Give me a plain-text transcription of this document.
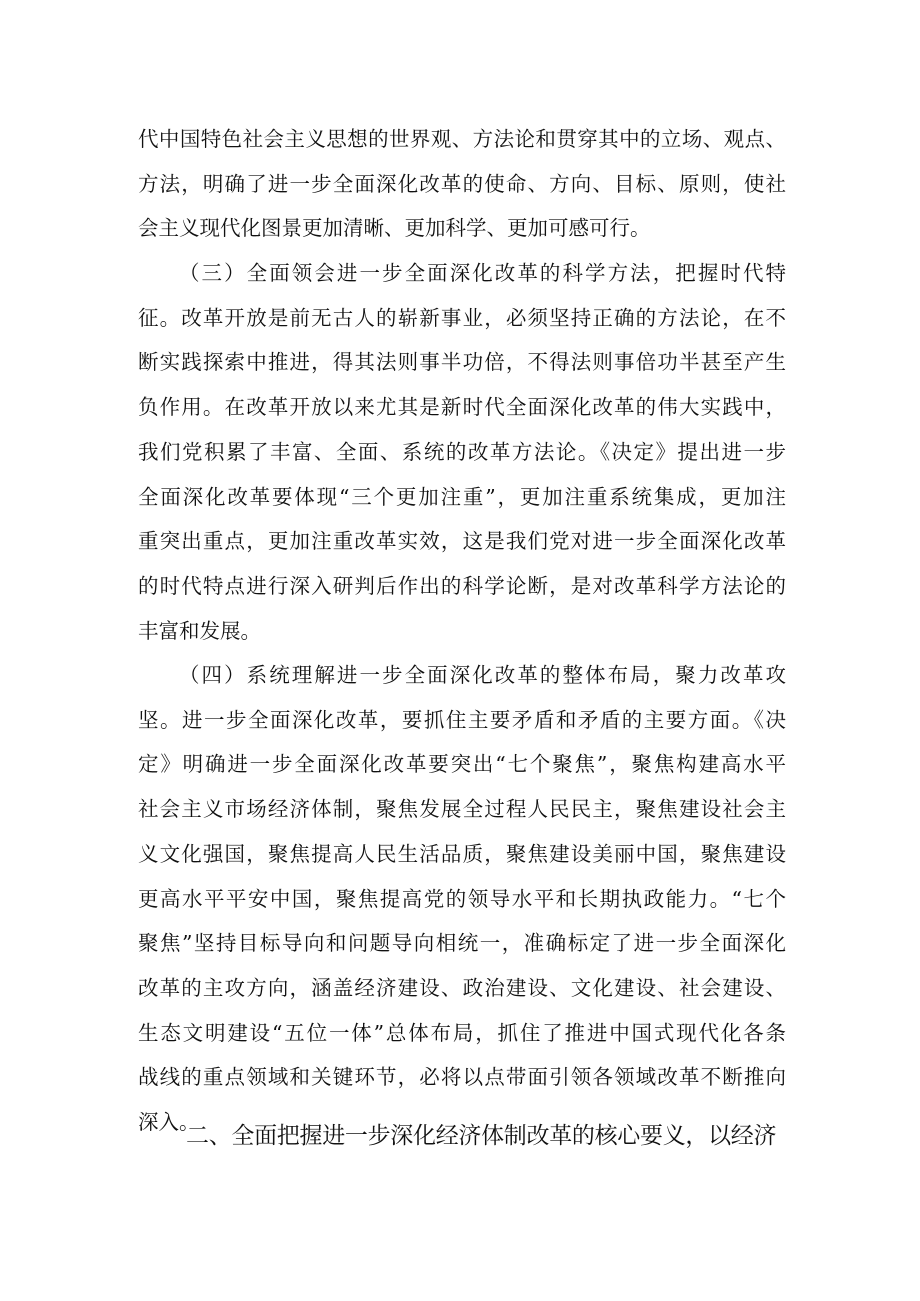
代中国特色社会主义思想的世界观、方法论和贯穿其中的立场、观点、
方法，明确了进一步全面深化改革的使命、方向、目标、原则，使社
会主义现代化图景更加清晰、更加科学、更加可感可行。
（三）全面领会进一步全面深化改革的科学方法，把握时代特
征。改革开放是前无古人的崭新事业，必须坚持正确的方法论，在不
断实践探索中推进，得其法则事半功倍，不得法则事倍功半甚至产生
负作用。在改革开放以来尤其是新时代全面深化改革的伟大实践中，
我们党积累了丰富、全面、系统的改革方法论。《决定》提出进一步
全面深化改革要体现“三个更加注重”，更加注重系统集成，更加注
重突出重点，更加注重改革实效，这是我们党对进一步全面深化改革
的时代特点进行深入研判后作出的科学论断，是对改革科学方法论的
丰富和发展。
（四）系统理解进一步全面深化改革的整体布局，聚力改革攻
坚。进一步全面深化改革，要抓住主要矛盾和矛盾的主要方面。《决
定》明确进一步全面深化改革要突出“七个聚焦”，聚焦构建高水平
社会主义市场经济体制，聚焦发展全过程人民民主，聚焦建设社会主
义文化强国，聚焦提高人民生活品质，聚焦建设美丽中国，聚焦建设
更高水平平安中国，聚焦提高党的领导水平和长期执政能力。“七个
聚焦”坚持目标导向和问题导向相统一，准确标定了进一步全面深化
改革的主攻方向，涵盖经济建设、政治建设、文化建设、社会建设、
生态文明建设“五位一体”总体布局，抓住了推进中国式现代化各条
战线的重点领域和关键环节，必将以点带面引领各领域改革不断推向
深入。
二、全面把握进一步深化经济体制改革的核心要义，以经济
